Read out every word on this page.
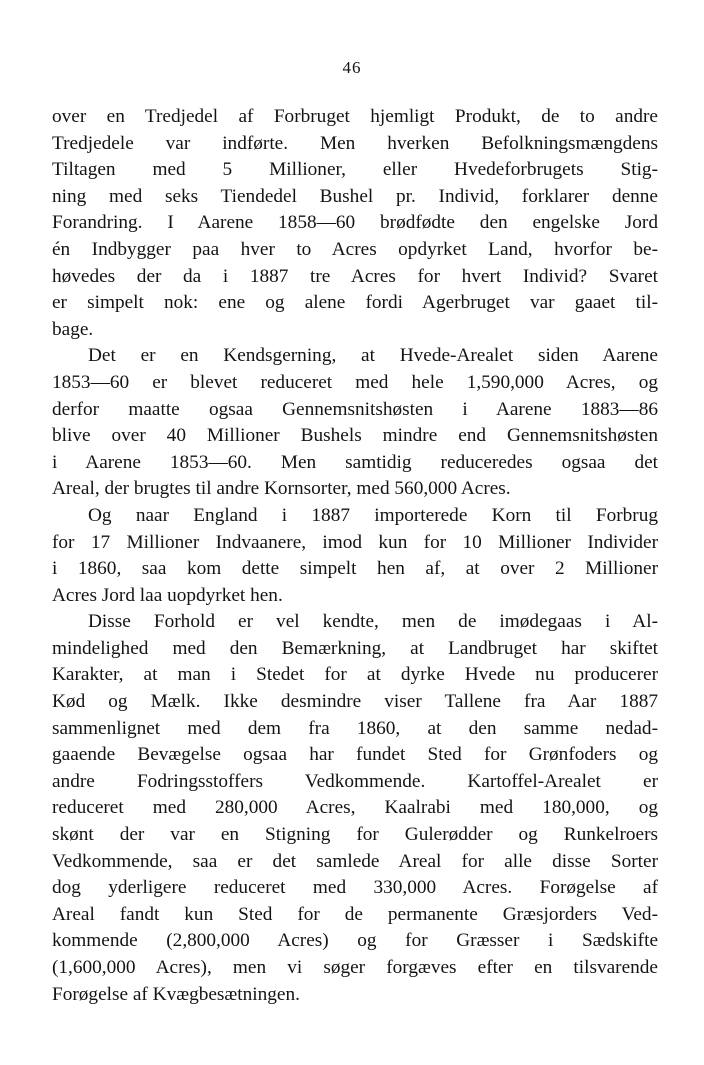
46
over en Tredjedel af Forbruget hjemligt Produkt, de to andre
Tredjedele var indførte. Men hverken Befolkningsmængdens
Tiltagen med 5 Millioner, eller Hvedeforbrugets Stig-
ning med seks Tiendedel Bushel pr. Individ, forklarer denne
Forandring. I Aarene 1858—60 brødfødte den engelske Jord
én Indbygger paa hver to Acres opdyrket Land, hvorfor be-
høvedes der da i 1887 tre Acres for hvert Individ? Svaret
er simpelt nok: ene og alene fordi Agerbruget var gaaet til-
bage.
Det er en Kendsgerning, at Hvede-Arealet siden Aarene
1853—60 er blevet reduceret med hele 1,590,000 Acres, og
derfor maatte ogsaa Gennemsnitshøsten i Aarene 1883—86
blive over 40 Millioner Bushels mindre end Gennemsnitshøsten
i Aarene 1853—60. Men samtidig reduceredes ogsaa det
Areal, der brugtes til andre Kornsorter, med 560,000 Acres.
Og naar England i 1887 importerede Korn til Forbrug
for 17 Millioner Indvaanere, imod kun for 10 Millioner Individer
i 1860, saa kom dette simpelt hen af, at over 2 Millioner
Acres Jord laa uopdyrket hen.
Disse Forhold er vel kendte, men de imødegaas i Al-
mindelighed med den Bemærkning, at Landbruget har skiftet
Karakter, at man i Stedet for at dyrke Hvede nu producerer
Kød og Mælk. Ikke desmindre viser Tallene fra Aar 1887
sammenlignet med dem fra 1860, at den samme nedad-
gaaende Bevægelse ogsaa har fundet Sted for Grønfoders og
andre Fodringsstoffers Vedkommende. Kartoffel-Arealet er
reduceret med 280,000 Acres, Kaalrabi med 180,000, og
skønt der var en Stigning for Gulerødder og Runkelroers
Vedkommende, saa er det samlede Areal for alle disse Sorter
dog yderligere reduceret med 330,000 Acres. Forøgelse af
Areal fandt kun Sted for de permanente Græsjorders Ved-
kommende (2,800,000 Acres) og for Græsser i Sædskifte
(1,600,000 Acres), men vi søger forgæves efter en tilsvarende
Forøgelse af Kvægbesætningen.
